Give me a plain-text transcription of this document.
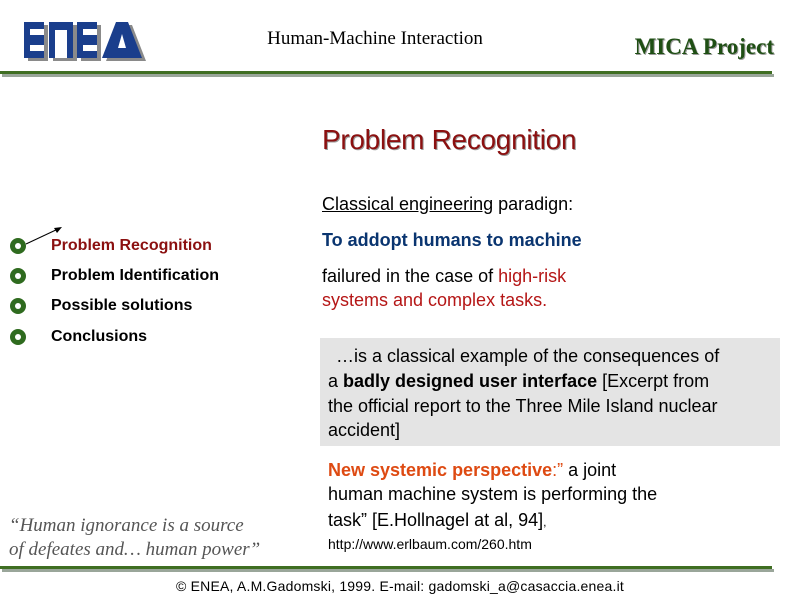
Human-Machine Interaction	MICA Project
Problem Recognition
Problem Recognition
Problem Identification
Possible solutions
Conclusions
Classical engineering paradign:
To addopt humans to machine
failured in the case of high-risk
systems and complex tasks.
…is a classical example of the consequences of
a badly designed user interface [Excerpt from
the official report to the Three Mile Island nuclear
accident]
New systemic perspective:” a joint
human machine system is performing the
task” [E.Hollnagel at al, 94],
http://www.erlbaum.com/260.htm
“Human ignorance is a source
of defeates and… human power”
© ENEA, A.M.Gadomski, 1999. E-mail: gadomski_a@casaccia.enea.it
